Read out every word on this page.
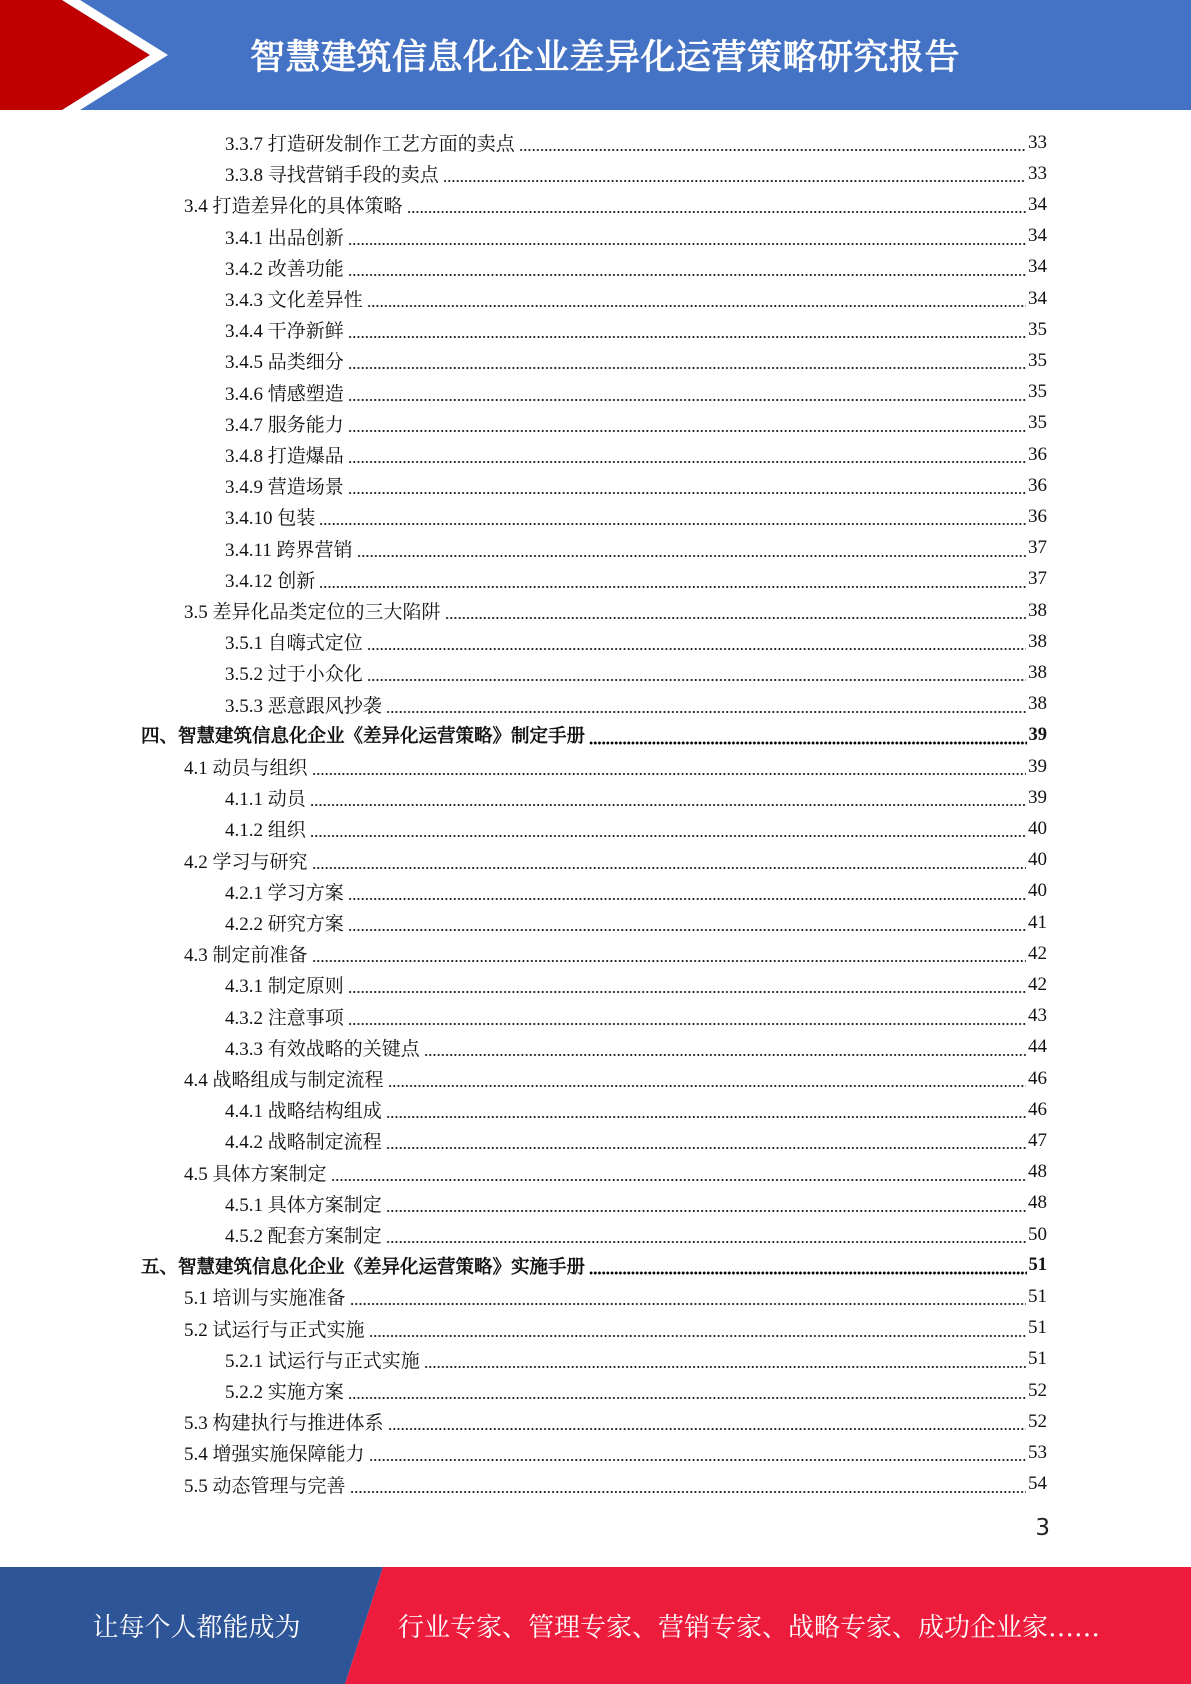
智慧建筑信息化企业差异化运营策略研究报告
3.3.7 打造研发制作工艺方面的卖点	33
3.3.8 寻找营销手段的卖点	33
3.4 打造差异化的具体策略	34
3.4.1 出品创新	34
3.4.2 改善功能	34
3.4.3 文化差异性	34
3.4.4 干净新鲜	35
3.4.5 品类细分	35
3.4.6 情感塑造	35
3.4.7 服务能力	35
3.4.8 打造爆品	36
3.4.9 营造场景	36
3.4.10 包装	36
3.4.11 跨界营销	37
3.4.12 创新	37
3.5 差异化品类定位的三大陷阱	38
3.5.1 自嗨式定位	38
3.5.2 过于小众化	38
3.5.3 恶意跟风抄袭	38
四、智慧建筑信息化企业《差异化运营策略》制定手册	39
4.1 动员与组织	39
4.1.1 动员	39
4.1.2 组织	40
4.2 学习与研究	40
4.2.1 学习方案	40
4.2.2 研究方案	41
4.3 制定前准备	42
4.3.1 制定原则	42
4.3.2 注意事项	43
4.3.3 有效战略的关键点	44
4.4 战略组成与制定流程	46
4.4.1 战略结构组成	46
4.4.2 战略制定流程	47
4.5 具体方案制定	48
4.5.1 具体方案制定	48
4.5.2 配套方案制定	50
五、智慧建筑信息化企业《差异化运营策略》实施手册	51
5.1 培训与实施准备	51
5.2 试运行与正式实施	51
5.2.1 试运行与正式实施	51
5.2.2 实施方案	52
5.3 构建执行与推进体系	52
5.4 增强实施保障能力	53
5.5 动态管理与完善	54
3
让每个人都能成为	行业专家、管理专家、营销专家、战略专家、成功企业家……
